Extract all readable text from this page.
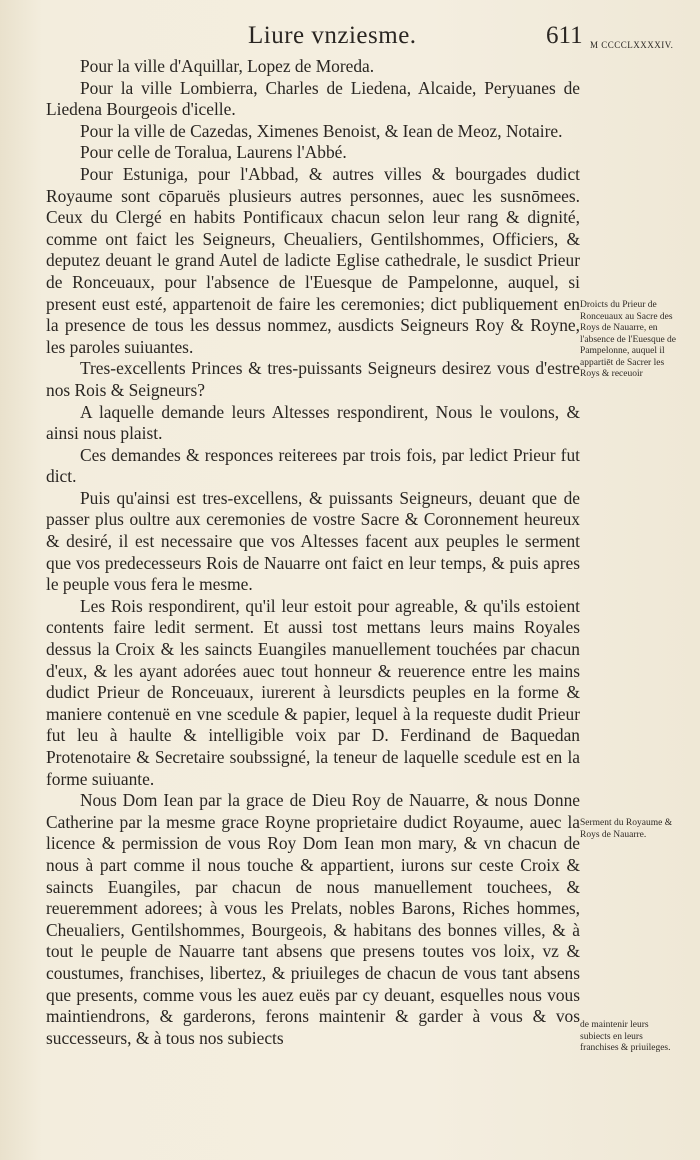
Liure vnziesme.	611 M CCCCLXXXXIV.

Pour la ville d'Aquillar, Lopez de Moreda.

Pour la ville Lombierra, Charles de Liedena, Alcaide, Peryuanes de Liedena Bourgeois d'icelle.

Pour la ville de Cazedas, Ximenes Benoist, & Iean de Meoz, Notaire.

Pour celle de Toralua, Laurens l'Abbé.

Pour Estuniga, pour l'Abbad, & autres villes & bourgades dudict Royaume sont cōparuës plusieurs autres personnes, auec les susnōmees. Ceux du Clergé en habits Pontificaux chacun selon leur rang & dignité, comme ont faict les Seigneurs, Cheualiers, Gentilshommes, Officiers, & deputez deuant le grand Autel de ladicte Eglise cathedrale, le susdict Prieur de Ronceuaux, pour l'absence de l'Euesque de Pampelonne, auquel, si present eust esté, appartenoit de faire les ceremonies; dict publiquement en la presence de tous les dessus nommez, ausdicts Seigneurs Roy & Royne, les paroles suiuantes.

Tres-excellents Princes & tres-puissants Seigneurs desirez vous d'estre nos Rois & Seigneurs?

A laquelle demande leurs Altesses respondirent, Nous le voulons, & ainsi nous plaist.

Ces demandes & responces reiterees par trois fois, par ledict Prieur fut dict.

Puis qu'ainsi est tres-excellens, & puissants Seigneurs, deuant que de passer plus oultre aux ceremonies de vostre Sacre & Coronnement heureux & desiré, il est necessaire que vos Altesses facent aux peuples le serment que vos predecesseurs Rois de Nauarre ont faict en leur temps, & puis apres le peuple vous fera le mesme.

Les Rois respondirent, qu'il leur estoit pour agreable, & qu'ils estoient contents faire ledit serment. Et aussi tost mettans leurs mains Royales dessus la Croix & les saincts Euangiles manuellement touchées par chacun d'eux, & les ayant adorées auec tout honneur & reuerence entre les mains dudict Prieur de Ronceuaux, iurerent à leursdicts peuples en la forme & maniere contenuë en vne scedule & papier, lequel à la requeste dudit Prieur fut leu à haulte & intelligible voix par D. Ferdinand de Baquedan Protenotaire & Secretaire soubssigné, la teneur de laquelle scedule est en la forme suiuante.

Nous Dom Iean par la grace de Dieu Roy de Nauarre, & nous Donne Catherine par la mesme grace Royne proprietaire dudict Royaume, auec la licence & permission de vous Roy Dom Iean mon mary, & vn chacun de nous à part comme il nous touche & appartient, iurons sur ceste Croix & saincts Euangiles, par chacun de nous manuellement touchees, & reueremment adorees; à vous les Prelats, nobles Barons, Riches hommes, Cheualiers, Gentilshommes, Bourgeois, & habitans des bonnes villes, & à tout le peuple de Nauarre tant absens que presens toutes vos loix, vz & coustumes, franchises, libertez, & priuileges de chacun de vous tant absens que presents, comme vous les auez euës par cy deuant, esquelles nous vous maintiendrons, & garderons, ferons maintenir & garder à vous & vos successeurs, & à tous nos subiects

Droicts du Prieur de Ronceuaux au Sacre des Roys de Nauarre, en l'absence de l'Euesque de Pampelonne, auquel il appartiēt de Sacrer les Roys & receuoir
Serment du Royaume & Roys de Nauarre.
de maintenir leurs subiects en leurs franchises & priuileges.
